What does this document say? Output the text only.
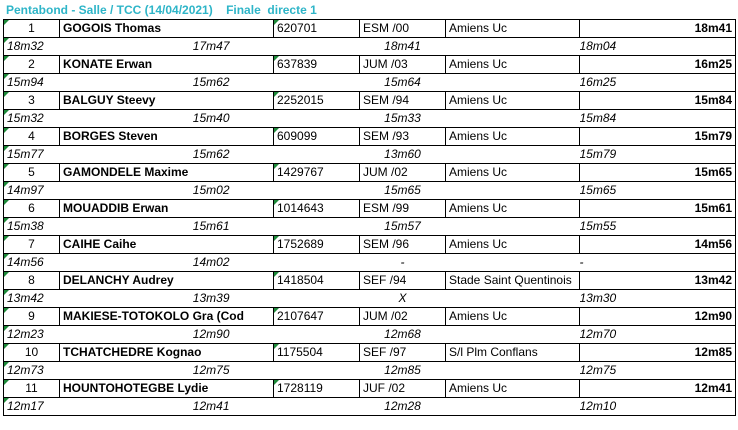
Pentabond - Salle / TCC (14/04/2021)    Finale  directe 1
1	GOGOIS Thomas	620701	ESM /00	Amiens Uc	18m41
18m32	17m47		18m41		18m04
2	KONATE Erwan	637839	JUM /03	Amiens Uc	16m25
15m94	15m62		15m64		16m25
3	BALGUY Steevy	2252015	SEM /94	Amiens Uc	15m84
15m32	15m40		15m33		15m84
4	BORGES Steven	609099	SEM /93	Amiens Uc	15m79
15m77	15m62		13m60		15m79
5	GAMONDELE Maxime	1429767	JUM /02	Amiens Uc	15m65
14m97	15m02		15m65		15m65
6	MOUADDIB Erwan	1014643	ESM /99	Amiens Uc	15m61
15m38	15m61		15m57		15m55
7	CAIHE Caihe	1752689	SEM /96	Amiens Uc	14m56
14m56	14m02		-		-
8	DELANCHY Audrey	1418504	SEF /94	Stade Saint Quentinois	13m42
13m42	13m39		X		13m30
9	MAKIESE-TOTOKOLO Gra (Cod	2107647	JUM /02	Amiens Uc	12m90
12m23	12m90		12m68		12m70
10	TCHATCHEDRE Kognao	1175504	SEF /97	S/l Plm Conflans	12m85
12m73	12m75		12m85		12m75
11	HOUNTOHOTEGBE Lydie	1728119	JUF /02	Amiens Uc	12m41
12m17	12m41		12m28		12m10
